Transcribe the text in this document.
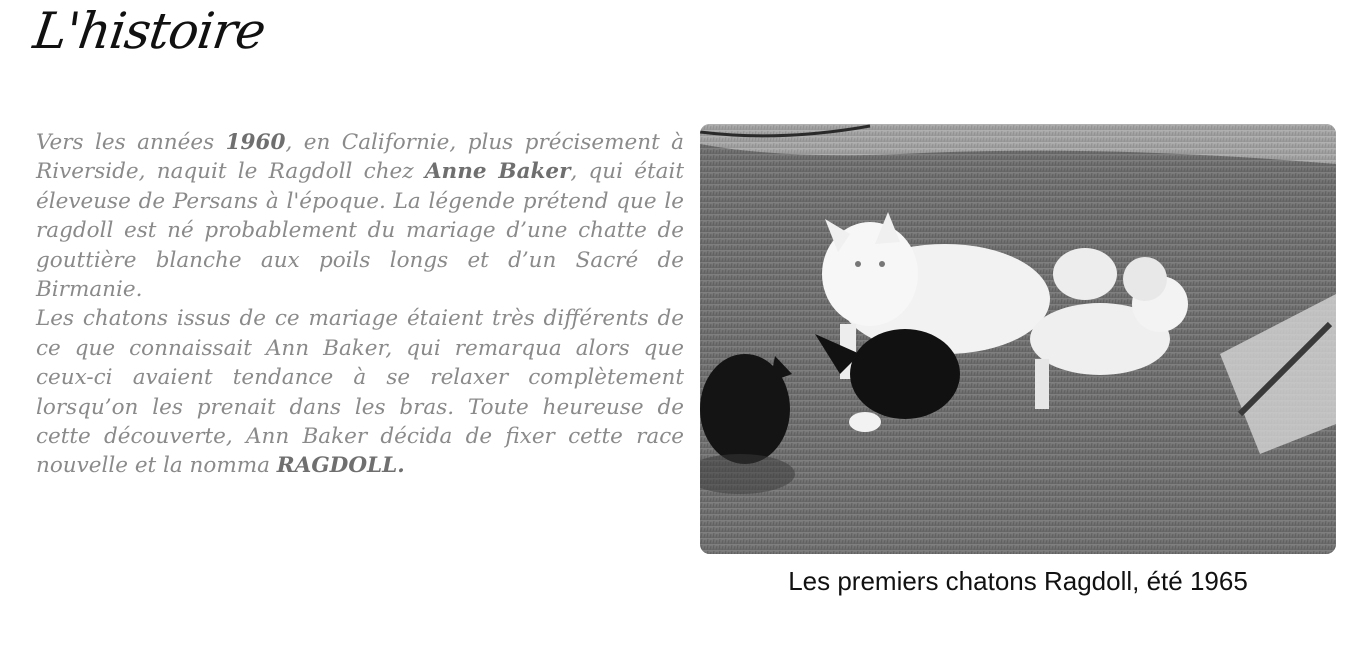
L'histoire

Vers les années 1960, en Californie, plus précisement à Riverside, naquit le Ragdoll chez Anne Baker, qui était éleveuse de Persans à l'époque. La légende prétend que le ragdoll est né probablement du mariage d’une chatte de gouttière blanche aux poils longs et d’un Sacré de Birmanie.

Les chatons issus de ce mariage étaient très différents de ce que connaissait Ann Baker, qui remarqua alors que ceux-ci avaient tendance à se relaxer complètement lorsqu’on les prenait dans les bras. Toute heureuse de cette découverte, Ann Baker décida de fixer cette race nouvelle et la nomma RAGDOLL.

Les premiers chatons Ragdoll, été 1965
